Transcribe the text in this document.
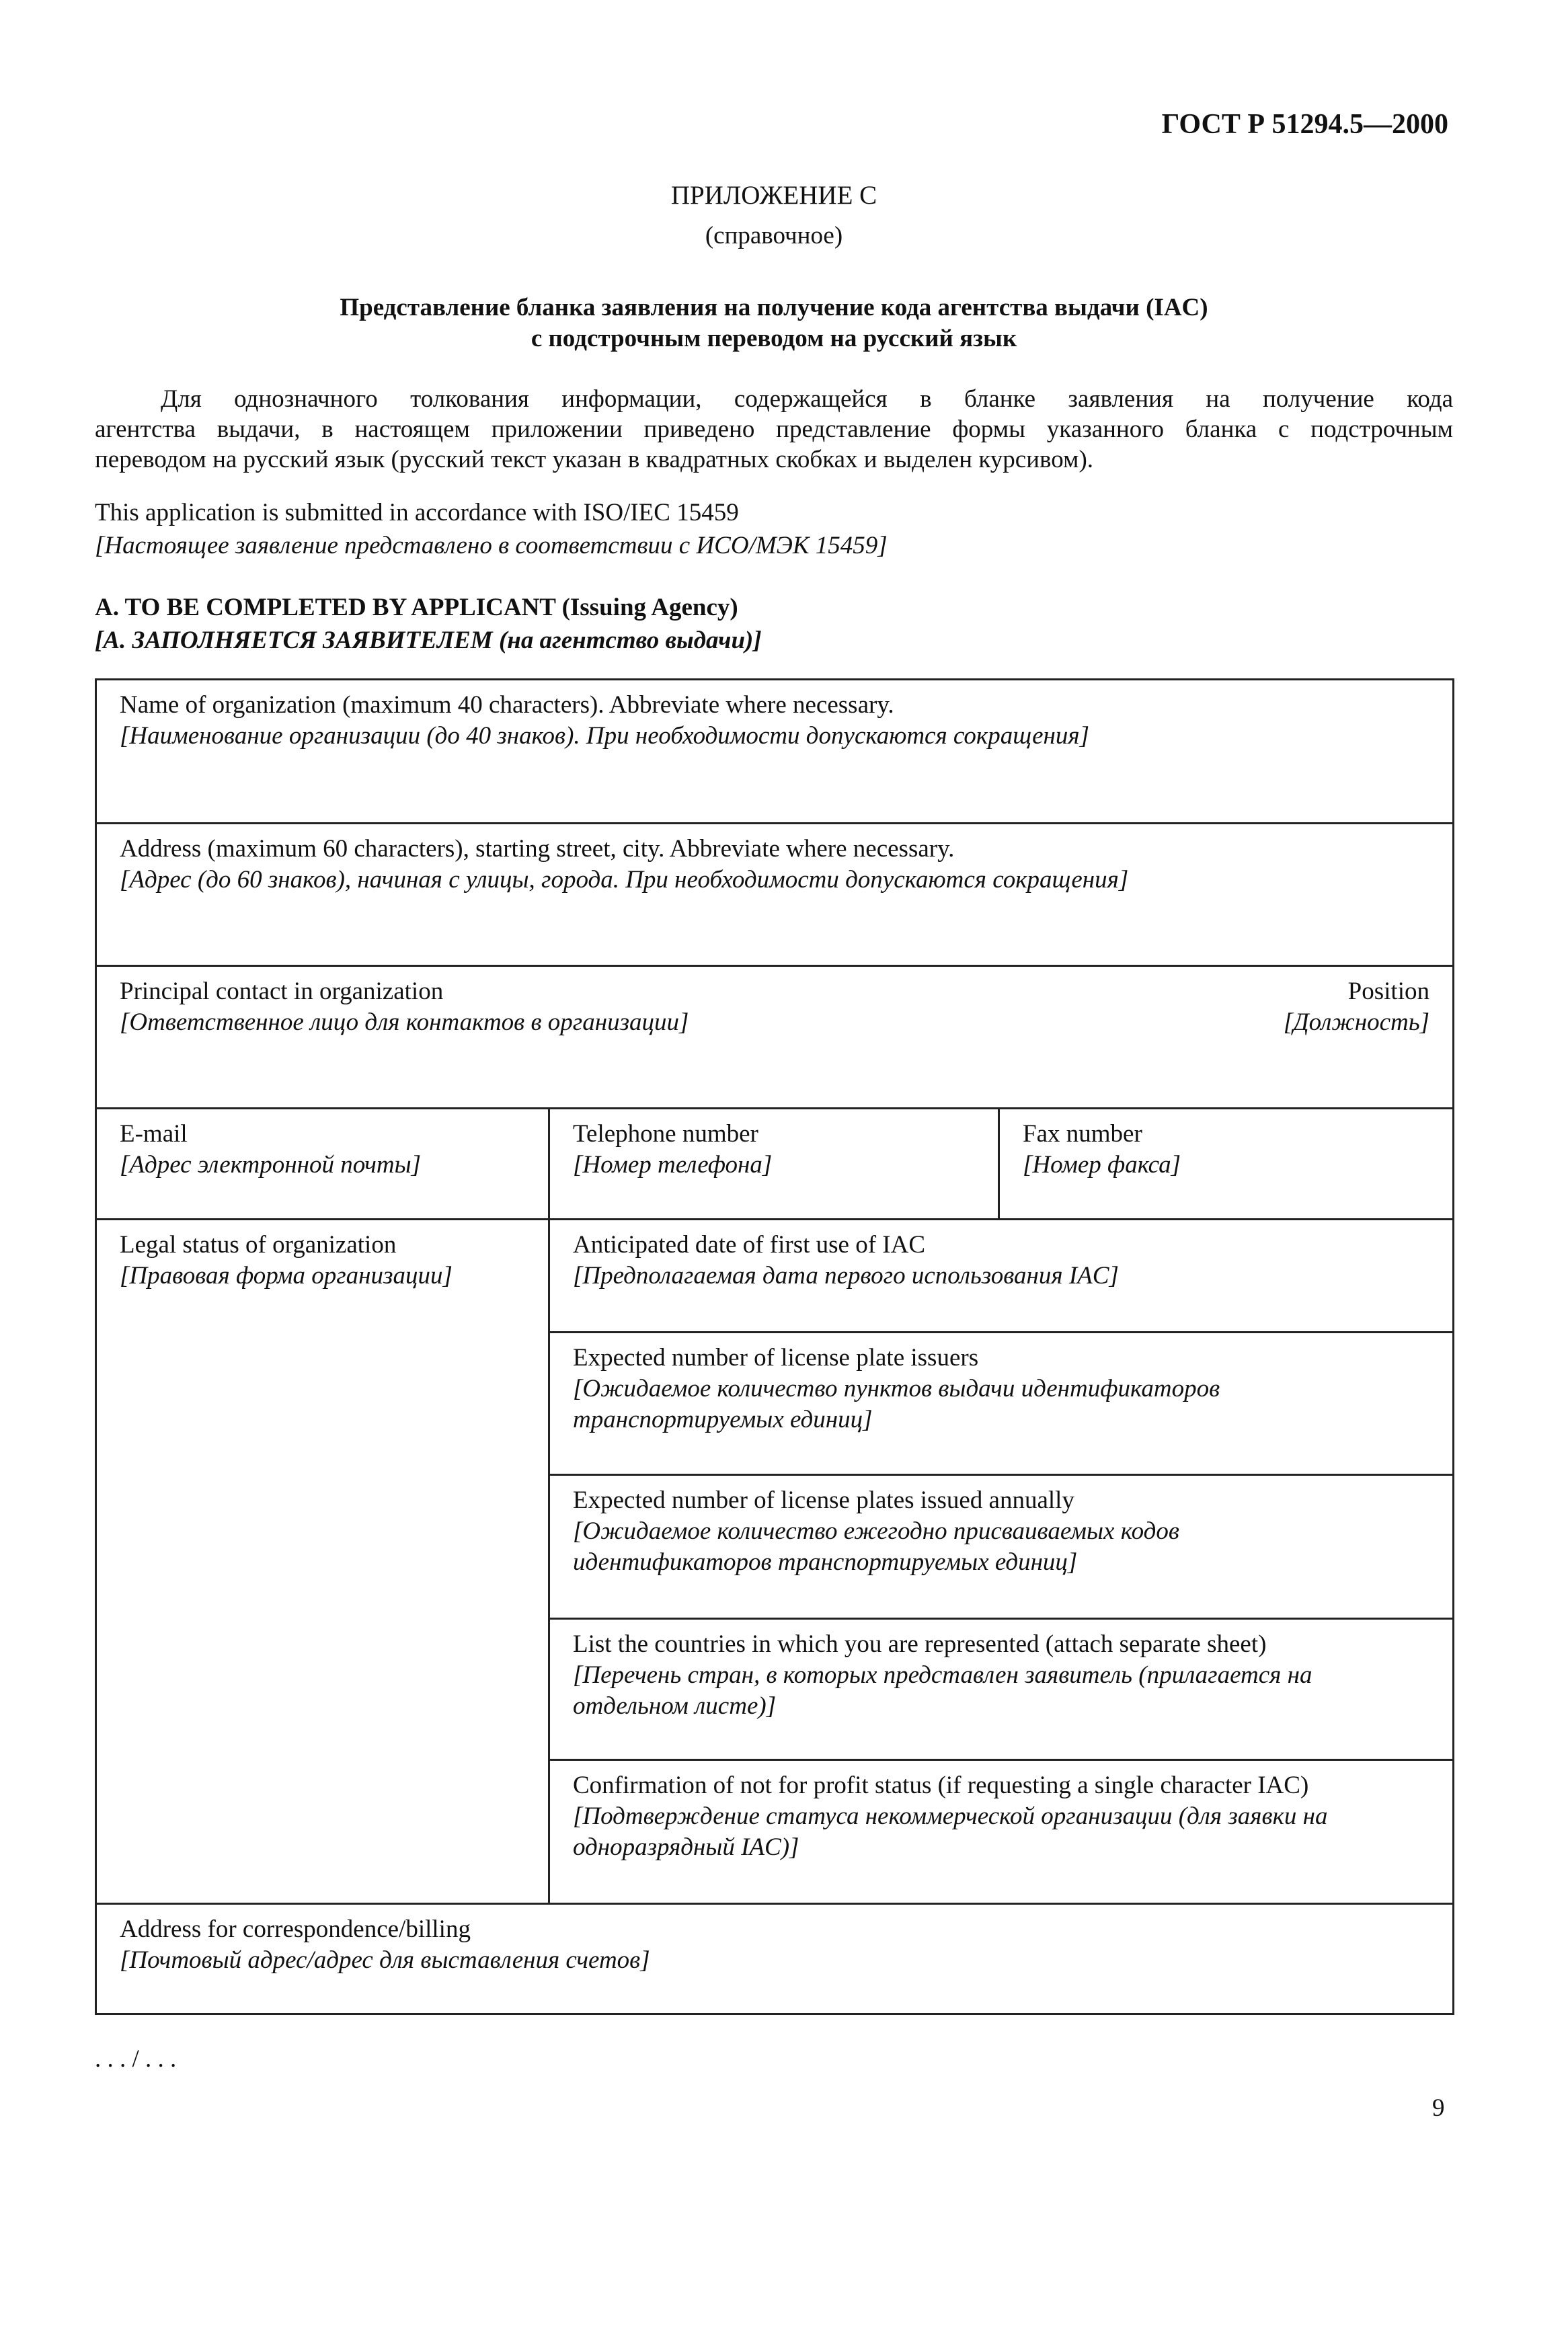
ГОСТ Р 51294.5—2000
ПРИЛОЖЕНИЕ С
(справочное)
Представление бланка заявления на получение кода агентства выдачи (IAC)
с подстрочным переводом на русский язык
Для однозначного толкования информации, содержащейся в бланке заявления на получение кода
агентства выдачи, в настоящем приложении приведено представление формы указанного бланка с подстрочным
переводом на русский язык (русский текст указан в квадратных скобках и выделен курсивом).
This application is submitted in accordance with ISO/IEC 15459
[Настоящее заявление представлено в соответствии с ИСО/МЭК 15459]
A. TO BE COMPLETED BY APPLICANT (Issuing Agency)
[А. ЗАПОЛНЯЕТСЯ ЗАЯВИТЕЛЕМ (на агентство выдачи)]
Name of organization (maximum 40 characters). Abbreviate where necessary.
[Наименование организации (до 40 знаков). При необходимости допускаются сокращения]
Address (maximum 60 characters), starting street, city. Abbreviate where necessary.
[Адрес (до 60 знаков), начиная с улицы, города. При необходимости допускаются сокращения]
Position
[Должность]
Principal contact in organization
[Ответственное лицо для контактов в организации]
E-mail
[Адрес электронной почты]
Telephone number
[Номер телефона]
Fax number
[Номер факса]
Legal status of organization
[Правовая форма организации]
Anticipated date of first use of IAC
[Предполагаемая дата первого использования IAC]
Expected number of license plate issuers
[Ожидаемое количество пунктов выдачи идентификаторов
транспортируемых единиц]
Expected number of license plates issued annually
[Ожидаемое количество ежегодно присваиваемых кодов
идентификаторов транспортируемых единиц]
List the countries in which you are represented (attach separate sheet)
[Перечень стран, в которых представлен заявитель (прилагается на
отдельном листе)]
Confirmation of not for profit status (if requesting a single character IAC)
[Подтверждение статуса некоммерческой организации (для заявки на
одноразрядный IAC)]
Address for correspondence/billing
[Почтовый адрес/адрес для выставления счетов]
. . . / . . .
9
